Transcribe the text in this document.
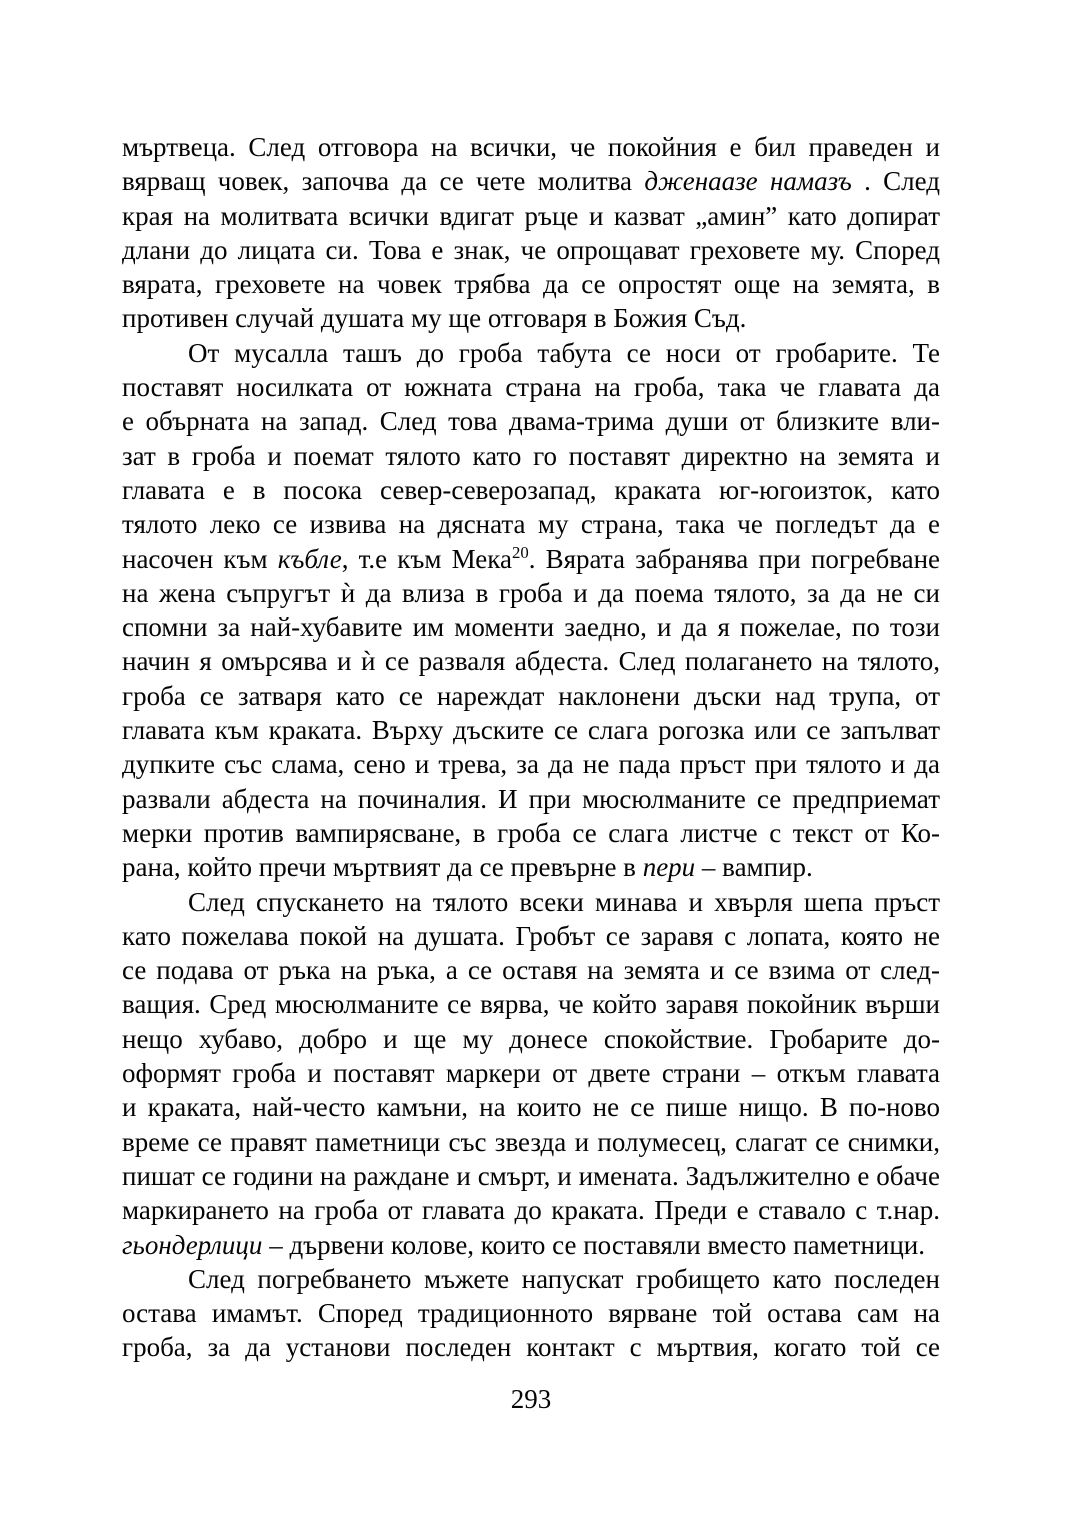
мъртвеца. След отговора на всички, че покойния е бил праведен и
вярващ човек, започва да се чете молитва дженаазе намазъ . След
края на молитвата всички вдигат ръце и казват „амин” като допират
длани до лицата си. Това е знак, че опрощават греховете му. Според
вярата, греховете на човек трябва да се опростят още на земята, в
противен случай душата му ще отговаря в Божия Съд.
От мусалла ташъ до гроба табута се носи от гробарите. Те
поставят носилката от южната страна на гроба, така че главата да
е обърната на запад. След това двама-трима души от близките вли-
зат в гроба и поемат тялото като го поставят директно на земята и
главата е в посока север-северозапад, краката юг-югоизток, като
тялото леко се извива на дясната му страна, така че погледът да е
насочен към къбле, т.е към Мека$^{20}$. Вярата забранява при погребване
на жена съпругът ѝ да влиза в гроба и да поема тялото, за да не си
спомни за най-хубавите им моменти заедно, и да я пожелае, по този
начин я омърсява и ѝ се разваля абдеста. След полагането на тялото,
гроба се затваря като се нареждат наклонени дъски над трупа, от
главата към краката. Върху дъските се слага рогозка или се запълват
дупките със слама, сено и трева, за да не пада пръст при тялото и да
развали абдеста на починалия. И при мюсюлманите се предприемат
мерки против вампирясване, в гроба се слага листче с текст от Ко-
рана, който пречи мъртвият да се превърне в пери – вампир.
След спускането на тялото всеки минава и хвърля шепа пръст
като пожелава покой на душата. Гробът се заравя с лопата, която не
се подава от ръка на ръка, а се оставя на земята и се взима от след-
ващия. Сред мюсюлманите се вярва, че който заравя покойник върши
нещо хубаво, добро и ще му донесе спокойствие. Гробарите до-
оформят гроба и поставят маркери от двете страни – откъм главата
и краката, най-често камъни, на които не се пише нищо. В по-ново
време се правят паметници със звезда и полумесец, слагат се снимки,
пишат се години на раждане и смърт, и имената. Задължително е обаче
маркирането на гроба от главата до краката. Преди е ставало с т.нар.
гьондерлици – дървени колове, които се поставяли вместо паметници.
След погребването мъжете напускат гробището като последен
остава имамът. Според традиционното вярване той остава сам на
гроба, за да установи последен контакт с мъртвия, когато той се
293
